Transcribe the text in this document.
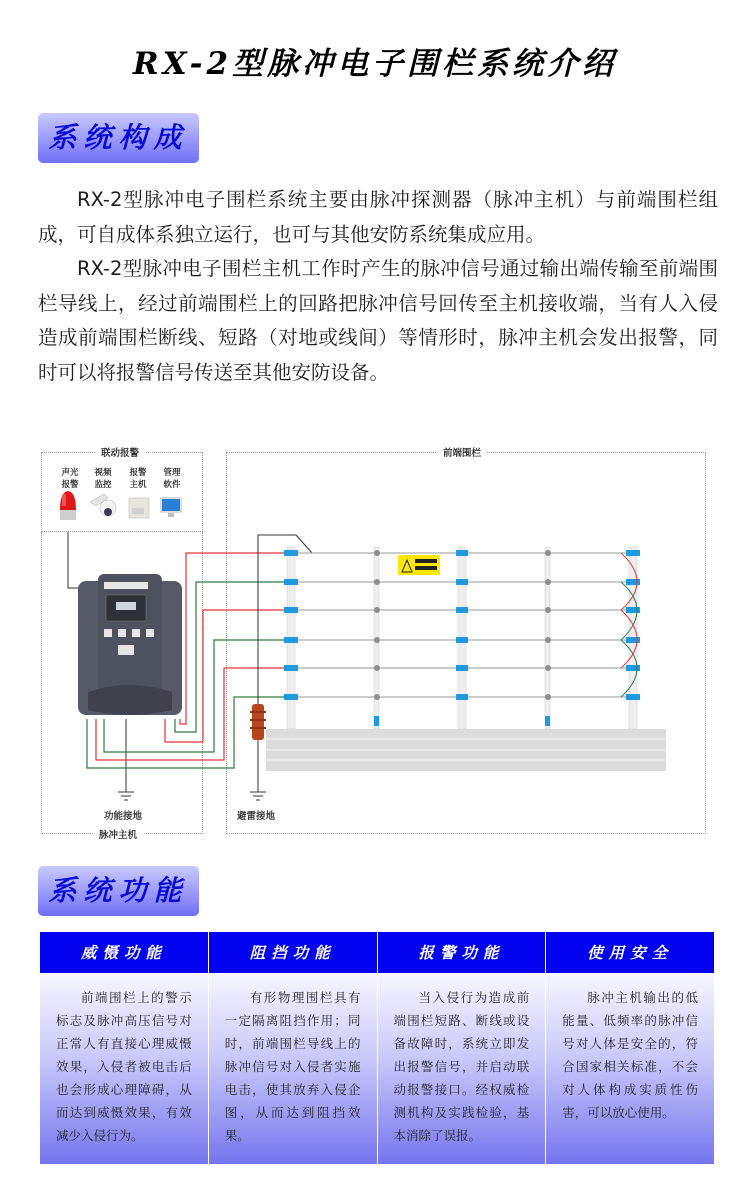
RX-2型脉冲电子围栏系统介绍
系统构成

RX-2型脉冲电子围栏系统主要由脉冲探测器（脉冲主机）与前端围栏组成，可自成体系独立运行，也可与其他安防系统集成应用。

RX-2型脉冲电子围栏主机工作时产生的脉冲信号通过输出端传输至前端围栏导线上，经过前端围栏上的回路把脉冲信号回传至主机接收端，当有人入侵造成前端围栏断线、短路（对地或线间）等情形时，脉冲主机会发出报警，同时可以将报警信号传送至其他安防设备。

联动报警	前端围栏
脉冲主机
声光
报警
视频
监控
报警
主机
管理
软件
功能接地	避雷接地
系统功能
威慑功能
前端围栏上的警示标志及脉冲高压信号对正常人有直接心理威慑效果，入侵者被电击后也会形成心理障碍，从而达到威慑效果，有效减少入侵行为。
阻挡功能
有形物理围栏具有一定隔离阻挡作用；同时，前端围栏导线上的脉冲信号对入侵者实施电击，使其放弃入侵企图，从而达到阻挡效果。
报警功能
当入侵行为造成前端围栏短路、断线或设备故障时，系统立即发出报警信号，并启动联动报警接口。经权威检测机构及实践检验，基本消除了误报。
使用安全
脉冲主机输出的低能量、低频率的脉冲信号对人体是安全的，符合国家相关标准，不会对人体构成实质性伤害，可以放心使用。
